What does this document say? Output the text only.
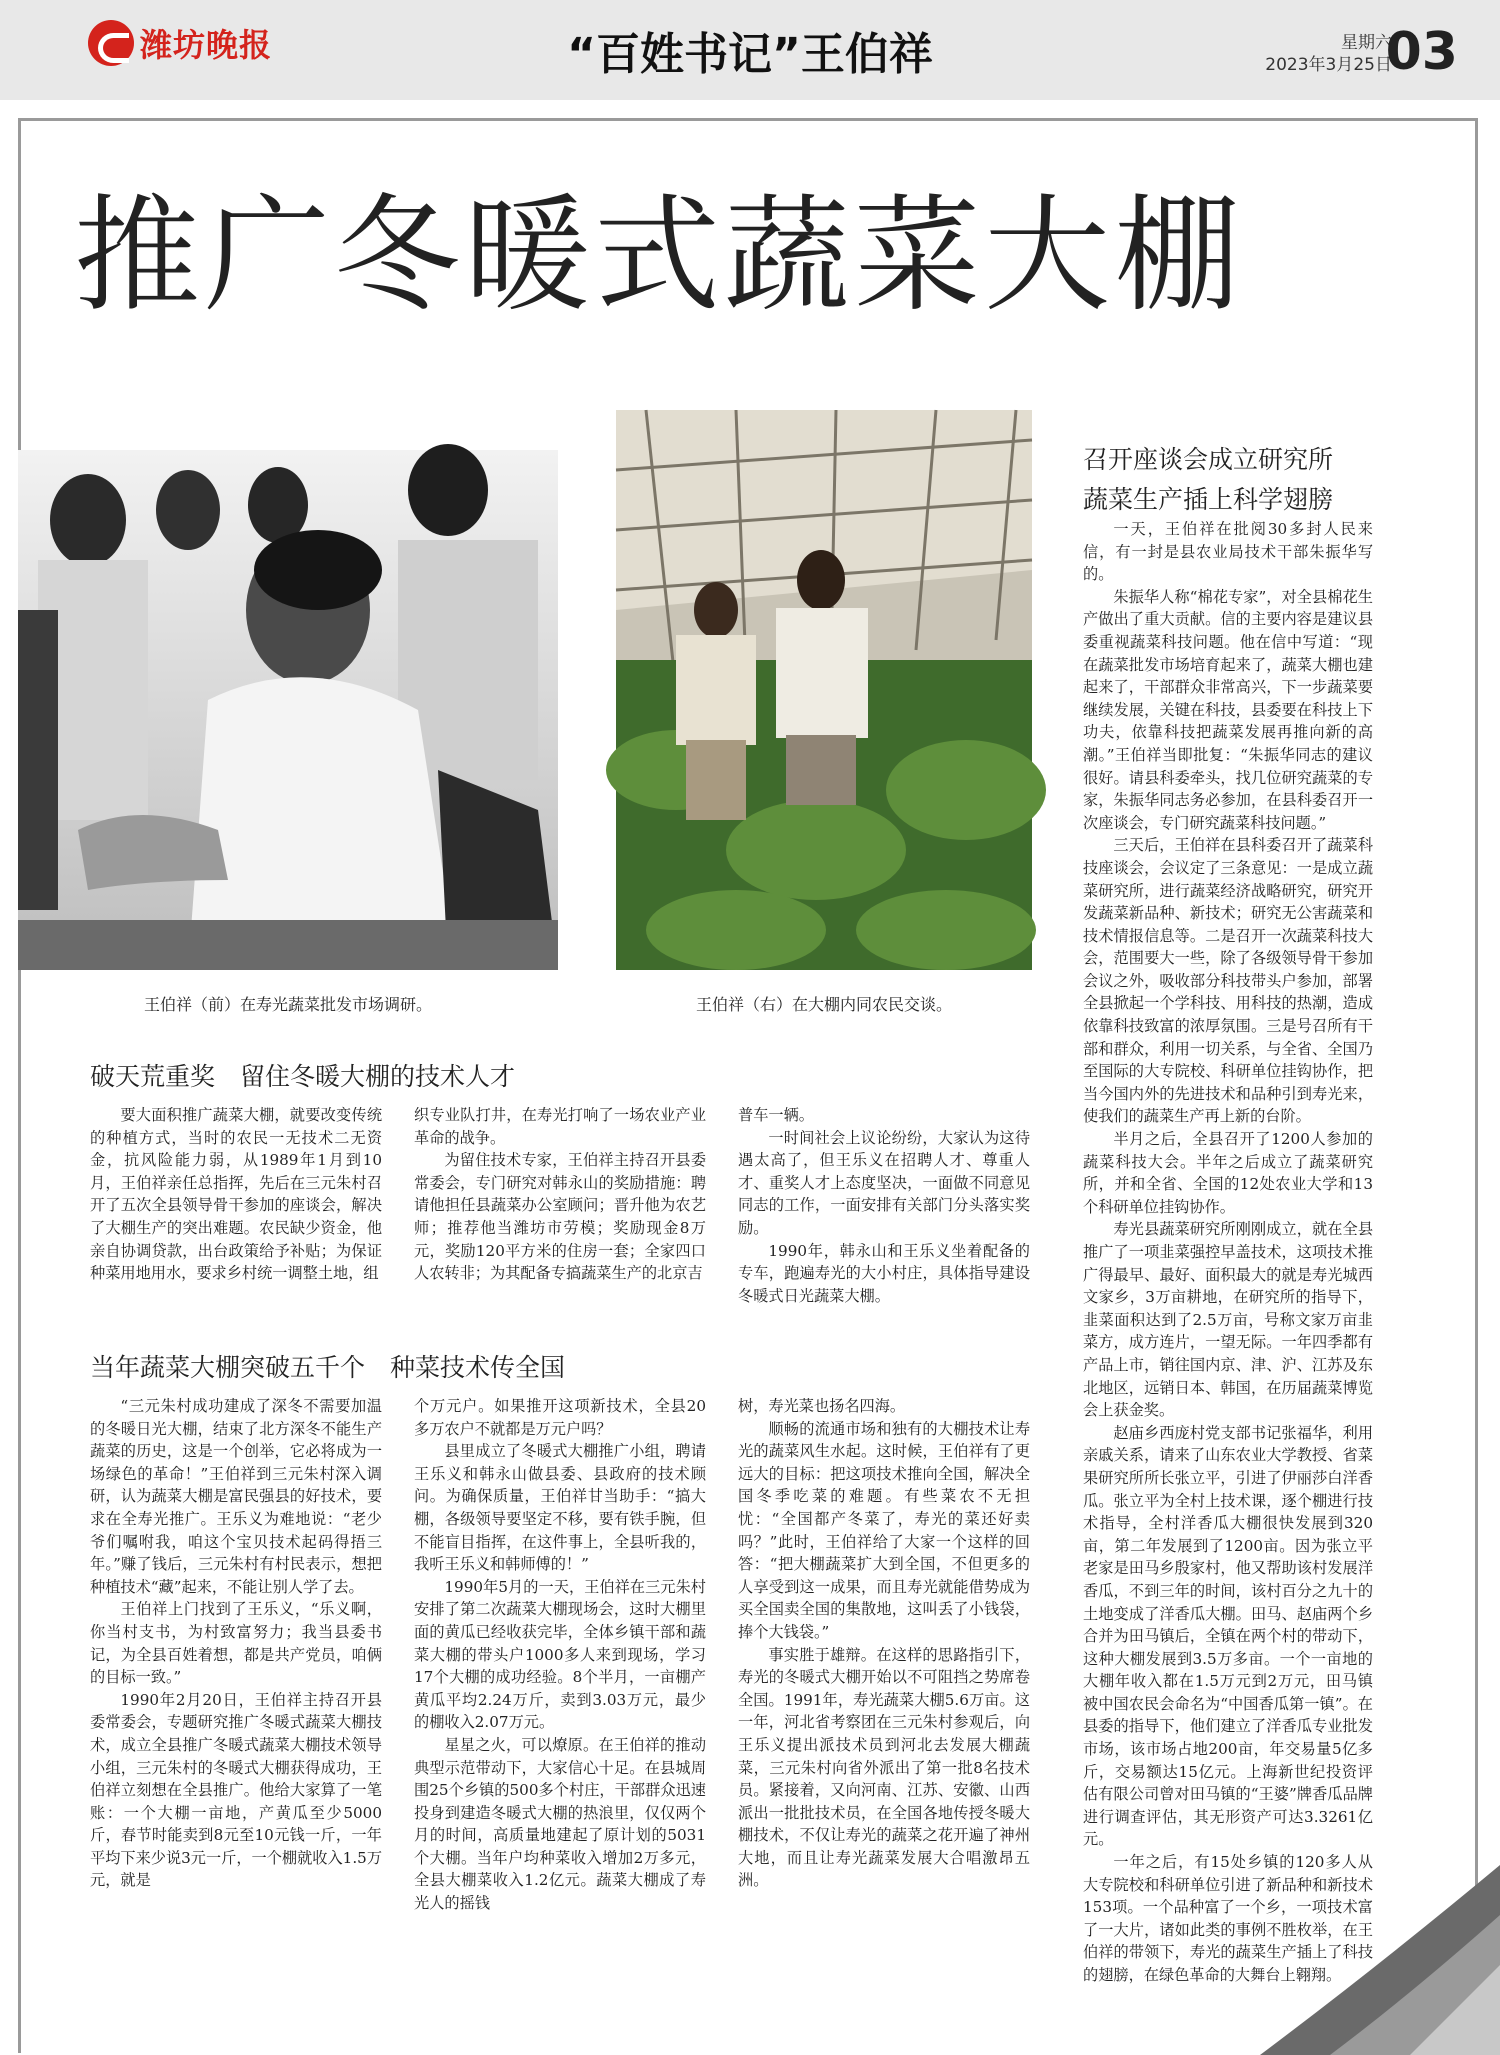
潍坊晚报	“百姓书记”王伯祥	星期六
2023年3月25日
03
推广冬暖式蔬菜大棚
王伯祥（前）在寿光蔬菜批发市场调研。	王伯祥（右）在大棚内同农民交谈。
破天荒重奖　留住冬暖大棚的技术人才

要大面积推广蔬菜大棚，就要改变传统的种植方式，当时的农民一无技术二无资金，抗风险能力弱，从1989年1月到10月，王伯祥亲任总指挥，先后在三元朱村召开了五次全县领导骨干参加的座谈会，解决了大棚生产的突出难题。农民缺少资金，他亲自协调贷款，出台政策给予补贴；为保证种菜用地用水，要求乡村统一调整土地，组

织专业队打井，在寿光打响了一场农业产业革命的战争。

为留住技术专家，王伯祥主持召开县委常委会，专门研究对韩永山的奖励措施：聘请他担任县蔬菜办公室顾问；晋升他为农艺师；推荐他当潍坊市劳模；奖励现金8万元，奖励120平方米的住房一套；全家四口人农转非；为其配备专搞蔬菜生产的北京吉

普车一辆。

一时间社会上议论纷纷，大家认为这待遇太高了，但王乐义在招聘人才、尊重人才、重奖人才上态度坚决，一面做不同意见同志的工作，一面安排有关部门分头落实奖励。

1990年，韩永山和王乐义坐着配备的专车，跑遍寿光的大小村庄，具体指导建设冬暖式日光蔬菜大棚。

当年蔬菜大棚突破五千个　种菜技术传全国

“三元朱村成功建成了深冬不需要加温的冬暖日光大棚，结束了北方深冬不能生产蔬菜的历史，这是一个创举，它必将成为一场绿色的革命！”王伯祥到三元朱村深入调研，认为蔬菜大棚是富民强县的好技术，要求在全寿光推广。王乐义为难地说：“老少爷们嘱咐我，咱这个宝贝技术起码得捂三年。”赚了钱后，三元朱村有村民表示，想把种植技术“藏”起来，不能让别人学了去。

王伯祥上门找到了王乐义，“乐义啊，你当村支书，为村致富努力；我当县委书记，为全县百姓着想，都是共产党员，咱俩的目标一致。”

1990年2月20日，王伯祥主持召开县委常委会，专题研究推广冬暖式蔬菜大棚技术，成立全县推广冬暖式蔬菜大棚技术领导小组，三元朱村的冬暖式大棚获得成功，王伯祥立刻想在全县推广。他给大家算了一笔账：一个大棚一亩地，产黄瓜至少5000斤，春节时能卖到8元至10元钱一斤，一年平均下来少说3元一斤，一个棚就收入1.5万元，就是

个万元户。如果推开这项新技术，全县20多万农户不就都是万元户吗？

县里成立了冬暖式大棚推广小组，聘请王乐义和韩永山做县委、县政府的技术顾问。为确保质量，王伯祥甘当助手：“搞大棚，各级领导要坚定不移，要有铁手腕，但不能盲目指挥，在这件事上，全县听我的，我听王乐义和韩师傅的！”

1990年5月的一天，王伯祥在三元朱村安排了第二次蔬菜大棚现场会，这时大棚里面的黄瓜已经收获完毕，全体乡镇干部和蔬菜大棚的带头户1000多人来到现场，学习17个大棚的成功经验。8个半月，一亩棚产黄瓜平均2.24万斤，卖到3.03万元，最少的棚收入2.07万元。

星星之火，可以燎原。在王伯祥的推动典型示范带动下，大家信心十足。在县城周围25个乡镇的500多个村庄，干部群众迅速投身到建造冬暖式大棚的热浪里，仅仅两个月的时间，高质量地建起了原计划的5031个大棚。当年户均种菜收入增加2万多元，全县大棚菜收入1.2亿元。蔬菜大棚成了寿光人的摇钱

树，寿光菜也扬名四海。

顺畅的流通市场和独有的大棚技术让寿光的蔬菜风生水起。这时候，王伯祥有了更远大的目标：把这项技术推向全国，解决全国冬季吃菜的难题。有些菜农不无担忧：“全国都产冬菜了，寿光的菜还好卖吗？”此时，王伯祥给了大家一个这样的回答：“把大棚蔬菜扩大到全国，不但更多的人享受到这一成果，而且寿光就能借势成为买全国卖全国的集散地，这叫丢了小钱袋，捧个大钱袋。”

事实胜于雄辩。在这样的思路指引下，寿光的冬暖式大棚开始以不可阻挡之势席卷全国。1991年，寿光蔬菜大棚5.6万亩。这一年，河北省考察团在三元朱村参观后，向王乐义提出派技术员到河北去发展大棚蔬菜，三元朱村向省外派出了第一批8名技术员。紧接着，又向河南、江苏、安徽、山西派出一批批技术员，在全国各地传授冬暖大棚技术，不仅让寿光的蔬菜之花开遍了神州大地，而且让寿光蔬菜发展大合唱激昂五洲。

召开座谈会成立研究所
蔬菜生产插上科学翅膀

一天，王伯祥在批阅30多封人民来信，有一封是县农业局技术干部朱振华写的。

朱振华人称“棉花专家”，对全县棉花生产做出了重大贡献。信的主要内容是建议县委重视蔬菜科技问题。他在信中写道：“现在蔬菜批发市场培育起来了，蔬菜大棚也建起来了，干部群众非常高兴，下一步蔬菜要继续发展，关键在科技，县委要在科技上下功夫，依靠科技把蔬菜发展再推向新的高潮。”王伯祥当即批复：“朱振华同志的建议很好。请县科委牵头，找几位研究蔬菜的专家，朱振华同志务必参加，在县科委召开一次座谈会，专门研究蔬菜科技问题。”

三天后，王伯祥在县科委召开了蔬菜科技座谈会，会议定了三条意见：一是成立蔬菜研究所，进行蔬菜经济战略研究，研究开发蔬菜新品种、新技术；研究无公害蔬菜和技术情报信息等。二是召开一次蔬菜科技大会，范围要大一些，除了各级领导骨干参加会议之外，吸收部分科技带头户参加，部署全县掀起一个学科技、用科技的热潮，造成依靠科技致富的浓厚氛围。三是号召所有干部和群众，利用一切关系，与全省、全国乃至国际的大专院校、科研单位挂钩协作，把当今国内外的先进技术和品种引到寿光来，使我们的蔬菜生产再上新的台阶。

半月之后，全县召开了1200人参加的蔬菜科技大会。半年之后成立了蔬菜研究所，并和全省、全国的12处农业大学和13个科研单位挂钩协作。

寿光县蔬菜研究所刚刚成立，就在全县推广了一项韭菜强控早盖技术，这项技术推广得最早、最好、面积最大的就是寿光城西文家乡，3万亩耕地，在研究所的指导下，韭菜面积达到了2.5万亩，号称文家万亩韭菜方，成方连片，一望无际。一年四季都有产品上市，销往国内京、津、沪、江苏及东北地区，远销日本、韩国，在历届蔬菜博览会上获金奖。

赵庙乡西庞村党支部书记张福华，利用亲戚关系，请来了山东农业大学教授、省菜果研究所所长张立平，引进了伊丽莎白洋香瓜。张立平为全村上技术课，逐个棚进行技术指导，全村洋香瓜大棚很快发展到320亩，第二年发展到了1200亩。因为张立平老家是田马乡殷家村，他又帮助该村发展洋香瓜，不到三年的时间，该村百分之九十的土地变成了洋香瓜大棚。田马、赵庙两个乡合并为田马镇后，全镇在两个村的带动下，这种大棚发展到3.5万多亩。一个一亩地的大棚年收入都在1.5万元到2万元，田马镇被中国农民会命名为“中国香瓜第一镇”。在县委的指导下，他们建立了洋香瓜专业批发市场，该市场占地200亩，年交易量5亿多斤，交易额达15亿元。上海新世纪投资评估有限公司曾对田马镇的“王婆”牌香瓜品牌进行调查评估，其无形资产可达3.3261亿元。

一年之后，有15处乡镇的120多人从大专院校和科研单位引进了新品种和新技术153项。一个品种富了一个乡，一项技术富了一大片，诸如此类的事例不胜枚举，在王伯祥的带领下，寿光的蔬菜生产插上了科技的翅膀，在绿色革命的大舞台上翱翔。
